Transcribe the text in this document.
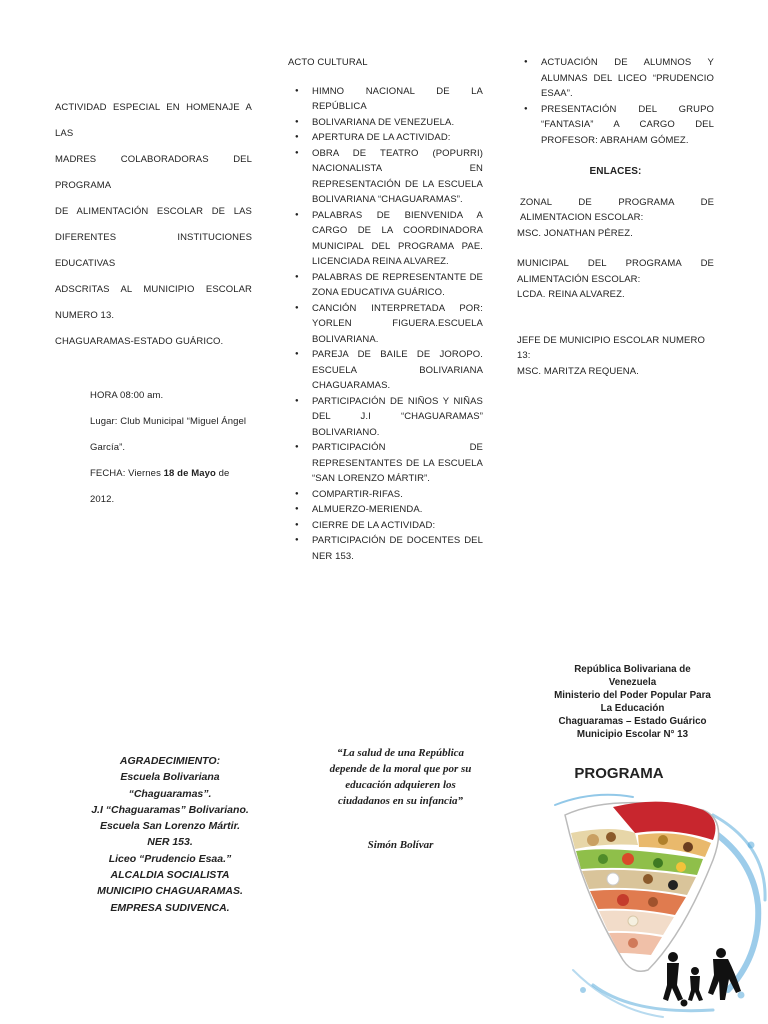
ACTIVIDAD ESPECIAL EN HOMENAJE A LAS

MADRES COLABORADORAS DEL PROGRAMA

DE ALIMENTACIÓN ESCOLAR DE LAS

DIFERENTES INSTITUCIONES EDUCATIVAS

ADSCRITAS AL MUNICIPIO ESCOLAR

NUMERO 13.

CHAGUARAMAS-ESTADO GUÁRICO.

HORA 08:00 am.

Lugar: Club Municipal “Miguel Ángel

García”.

FECHA: Viernes 18 de Mayo de 2012.

ACTO CULTURAL

● HIMNO NACIONAL DE LA REPÚBLICA
● BOLIVARIANA DE VENEZUELA.
● APERTURA DE LA ACTIVIDAD:
● OBRA DE TEATRO (POPURRI) NACIONALISTA EN REPRESENTACIÓN DE LA ESCUELA BOLIVARIANA “CHAGUARAMAS”.
● PALABRAS DE BIENVENIDA A CARGO DE LA COORDINADORA MUNICIPAL DEL PROGRAMA PAE. LICENCIADA REINA ALVAREZ.
● PALABRAS DE REPRESENTANTE DE ZONA EDUCATIVA GUÁRICO.
● CANCIÓN INTERPRETADA POR: YORLEN FIGUERA.ESCUELA BOLIVARIANA.
● PAREJA DE BAILE DE JOROPO. ESCUELA BOLIVARIANA CHAGUARAMAS.
● PARTICIPACIÓN DE NIÑOS Y NIÑAS DEL J.I “CHAGUARAMAS” BOLIVARIANO.
● PARTICIPACIÓN DE REPRESENTANTES DE LA ESCUELA “SAN LORENZO MÁRTIR”.
● COMPARTIR-RIFAS.
● ALMUERZO-MERIENDA.
● CIERRE DE LA ACTIVIDAD:
● PARTICIPACIÓN DE DOCENTES DEL NER 153.
● ACTUACIÓN DE ALUMNOS Y ALUMNAS DEL LICEO “PRUDENCIO ESAA”.
● PRESENTACIÓN DEL GRUPO “FANTASIA” A CARGO DEL PROFESOR: ABRAHAM GÓMEZ.
ENLACES:
ZONAL DE PROGRAMA DE ALIMENTACION ESCOLAR:
MSC. JONATHAN PÉREZ.
MUNICIPAL DEL PROGRAMA DE ALIMENTACIÓN ESCOLAR:
LCDA. REINA ALVAREZ.
JEFE DE MUNICIPIO ESCOLAR NUMERO 13:
MSC. MARITZA REQUENA.
AGRADECIMIENTO:
Escuela Bolivariana
“Chaguaramas”.
J.I “Chaguaramas” Bolivariano.
Escuela San Lorenzo Mártir.
NER 153.
Liceo “Prudencio Esaa.”
ALCALDIA SOCIALISTA
MUNICIPIO CHAGUARAMAS.
EMPRESA SUDIVENCA.
“La salud de una República depende de la moral que por su educación adquieren los ciudadanos en su infancia”
Simón Bolívar
República Bolivariana de
Venezuela
Ministerio del Poder Popular Para
La Educación
Chaguaramas – Estado Guárico
Municipio Escolar N° 13
PROGRAMA
